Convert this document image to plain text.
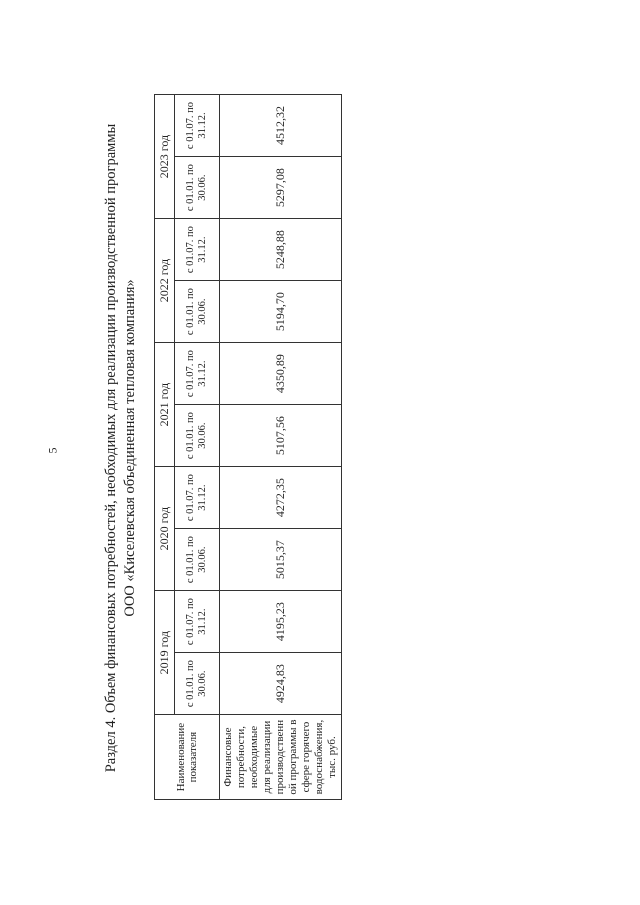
5	Раздел 4. Объем финансовых потребностей, необходимых для реализации производственной программы ООО «Киселевская объединенная тепловая компания»

Наименование показателя	2019 год		2020 год		2021 год		2022 год		2023 год	
	с 01.01. по 30.06.	с 01.07. по 31.12.	с 01.01. по 30.06.	с 01.07. по 31.12.	с 01.01. по 30.06.	с 01.07. по 31.12.	с 01.01. по 30.06.	с 01.07. по 31.12.	с 01.01. по 30.06.	с 01.07. по 31.12.
Финансовые потребности, необходимые для реализации производственн ой программы в сфере горячего водоснабжения, тыс. руб.	4924,83	4195,23	5015,37	4272,35	5107,56	4350,89	5194,70	5248,88	5297,08	4512,32
